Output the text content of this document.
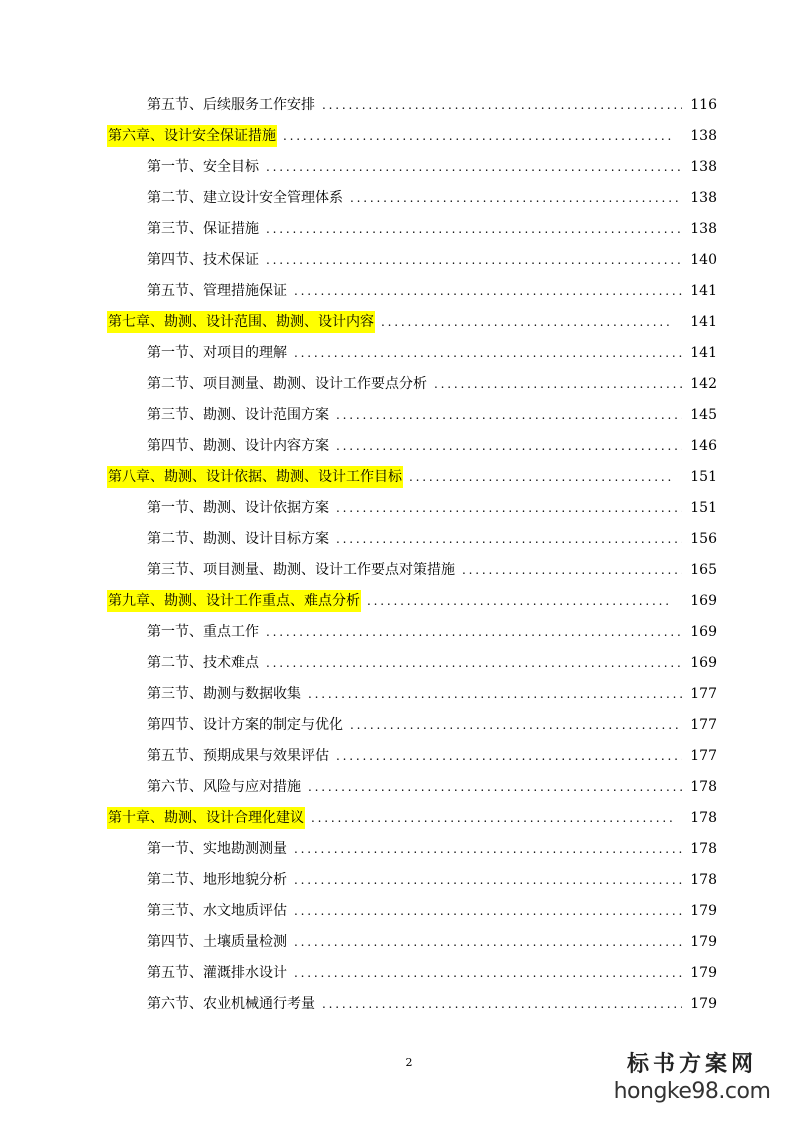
第五节、后续服务工作安排 . . .	116
第六章、设计安全保证措施 . . .	138
第一节、安全目标 . . .	138
第二节、建立设计安全管理体系 . . .	138
第三节、保证措施 . . .	138
第四节、技术保证 . . .	140
第五节、管理措施保证 . . .	141
第七章、勘测、设计范围、勘测、设计内容 . . .	141
第一节、对项目的理解 . . .	141
第二节、项目测量、勘测、设计工作要点分析 . . .	142
第三节、勘测、设计范围方案 . . .	145
第四节、勘测、设计内容方案 . . .	146
第八章、勘测、设计依据、勘测、设计工作目标 . . .	151
第一节、勘测、设计依据方案 . . .	151
第二节、勘测、设计目标方案 . . .	156
第三节、项目测量、勘测、设计工作要点对策措施 . . .	165
第九章、勘测、设计工作重点、难点分析 . . .	169
第一节、重点工作 . . .	169
第二节、技术难点 . . .	169
第三节、勘测与数据收集 . . .	177
第四节、设计方案的制定与优化 . . .	177
第五节、预期成果与效果评估 . . .	177
第六节、风险与应对措施 . . .	178
第十章、勘测、设计合理化建议 . . .	178
第一节、实地勘测测量 . . .	178
第二节、地形地貌分析 . . .	178
第三节、水文地质评估 . . .	179
第四节、土壤质量检测 . . .	179
第五节、灌溉排水设计 . . .	179
第六节、农业机械通行考量 . . .	179
2	标书方案网
hongke98.com
